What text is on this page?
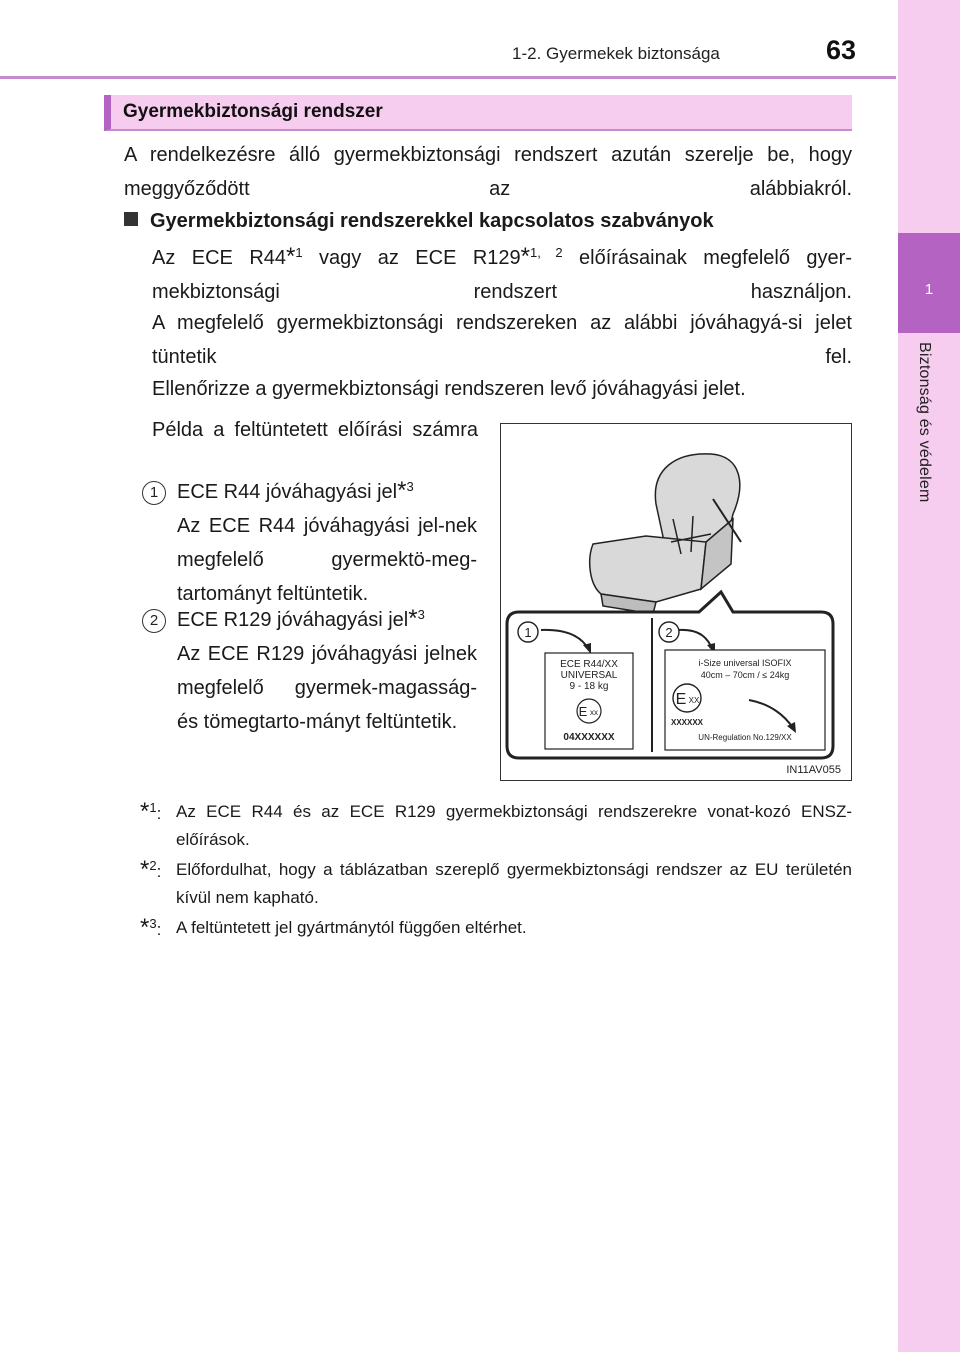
1-2. Gyermekek biztonsága	63
1
Biztonság és védelem
Gyermekbiztonsági rendszer
A rendelkezésre álló gyermekbiztonsági rendszert azután szerelje be, hogy meggyőződött az alábbiakról.
Gyermekbiztonsági rendszerekkel kapcsolatos szabványok
Az ECE R44*$^1$ vagy az ECE R129*$^{1, 2}$ előírásainak megfelelő gyer-mekbiztonsági rendszert használjon.
A megfelelő gyermekbiztonsági rendszereken az alábbi jóváhagyá-si jelet tüntetik fel.
Ellenőrizze a gyermekbiztonsági rendszeren levő jóváhagyási jelet.
Példa a feltüntetett előírási számra
1 ECE R44 jóváhagyási jel*$^3$
Az ECE R44 jóváhagyási jel-nek megfelelő gyermektö-meg-tartományt feltüntetik.
2 ECE R129 jóváhagyási jel*$^3$
Az ECE R129 jóváhagyási jelnek megfelelő gyermek-magasság- és tömegtarto-mányt feltüntetik.
1	2
ECE R44/XX
UNIVERSAL
9 - 18 kg
E xx
04XXXXXX
i-Size universal ISOFIX
40cm – 70cm / ≤ 24kg
E XX
XXXXXX
UN-Regulation No.129/XX
IN11AV055
*$^1$: Az ECE R44 és az ECE R129 gyermekbiztonsági rendszerekre vonat-kozó ENSZ-előírások.
*$^2$: Előfordulhat, hogy a táblázatban szereplő gyermekbiztonsági rendszer az EU területén kívül nem kapható.
*$^3$: A feltüntetett jel gyártmánytól függően eltérhet.
